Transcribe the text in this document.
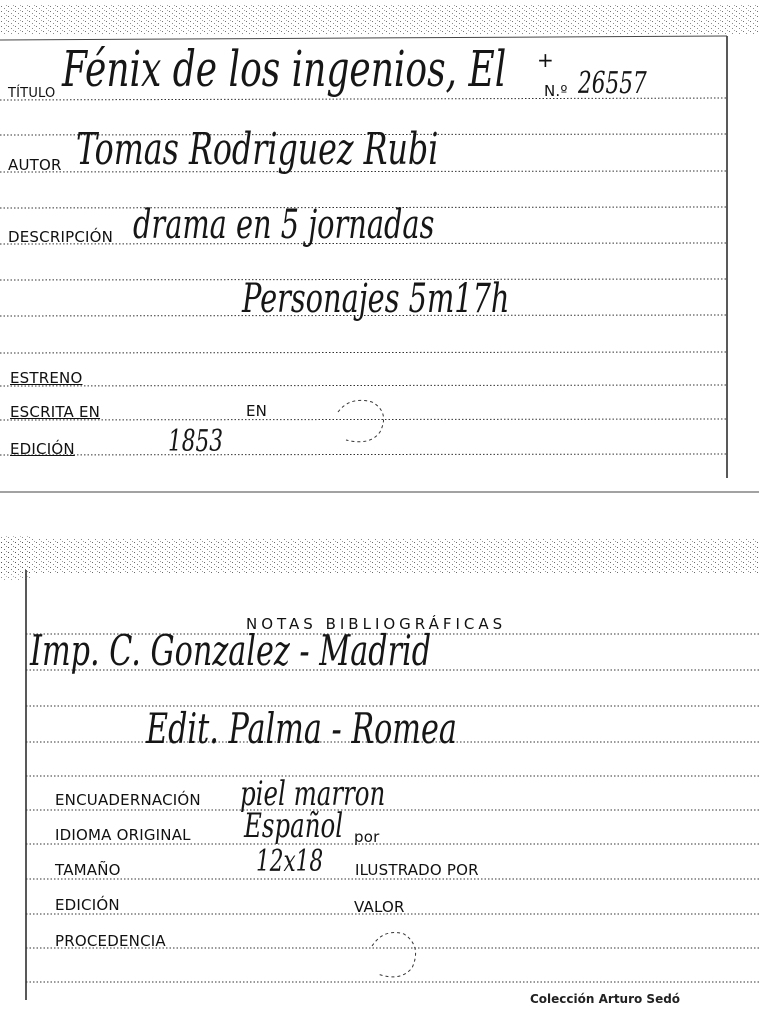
TÍTULO Fénix de los ingenios, El +
N.º 26557
AUTOR Tomas Rodriguez Rubi
DESCRIPCIÓN drama en 5 jornadas
Personajes 5m17h
ESTRENO
ESCRITA EN	EN
EDICIÓN	1853
NOTAS BIBLIOGRÁFICAS
Imp. C. Gonzalez - Madrid
Edit. Palma - Romea
ENCUADERNACIÓN piel marron
IDIOMA ORIGINAL Español por
TAMAÑO	12x18 ILUSTRADO POR
EDICIÓN	VALOR
PROCEDENCIA
Colección Arturo Sedó
